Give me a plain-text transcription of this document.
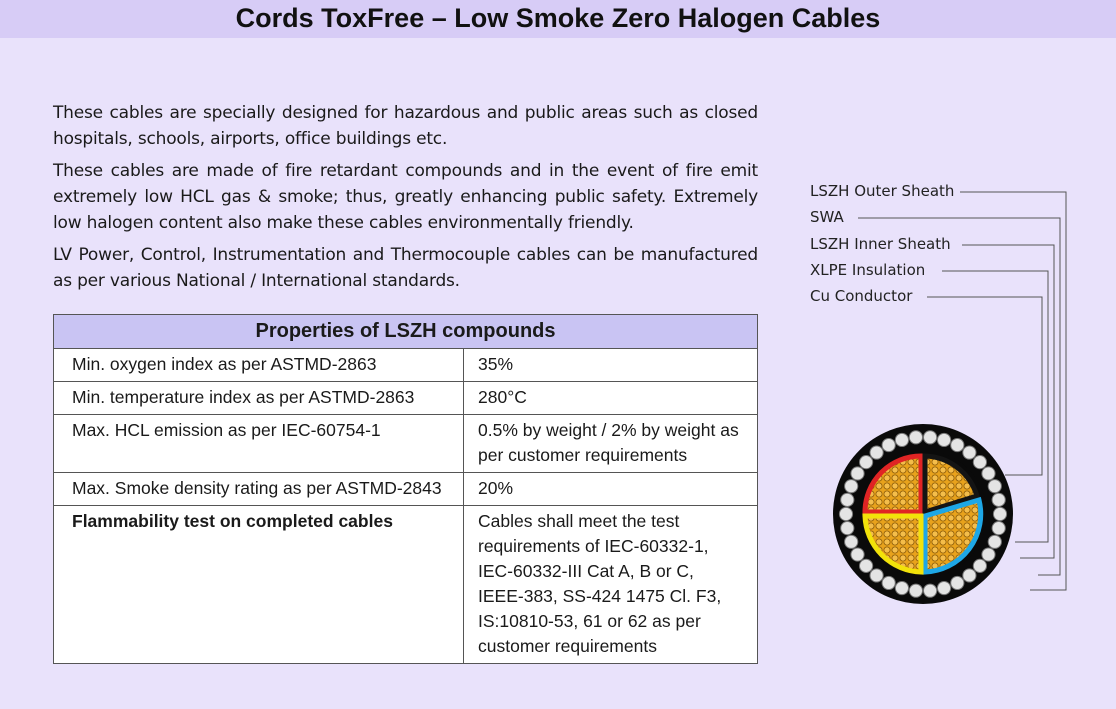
Cords ToxFree – Low Smoke Zero Halogen Cables

These cables are specially designed for hazardous and public areas such as closed hospitals, schools, airports, office buildings etc.

These cables are made of fire retardant compounds and in the event of fire emit extremely low HCL gas & smoke; thus, greatly enhancing public safety. Extremely low halogen content also make these cables environmentally friendly.

LV Power, Control, Instrumentation and Thermocouple cables can be manufactured as per various National / International standards.

Properties of LSZH compounds	
Min. oxygen index as per ASTMD-2863	35%
Min. temperature index as per ASTMD-2863	280°C
Max. HCL emission as per IEC-60754-1	0.5% by weight / 2% by weight as per customer requirements
Max. Smoke density rating as per ASTMD-2843	20%
Flammability test on completed cables	Cables shall meet the test requirements of IEC-60332-1, IEC-60332-III Cat A, B or C, IEEE-383, SS-424 1475 Cl. F3, IS:10810-53, 61 or 62 as per customer requirements
LSZH Outer Sheath
SWA
LSZH Inner Sheath
XLPE Insulation
Cu Conductor
